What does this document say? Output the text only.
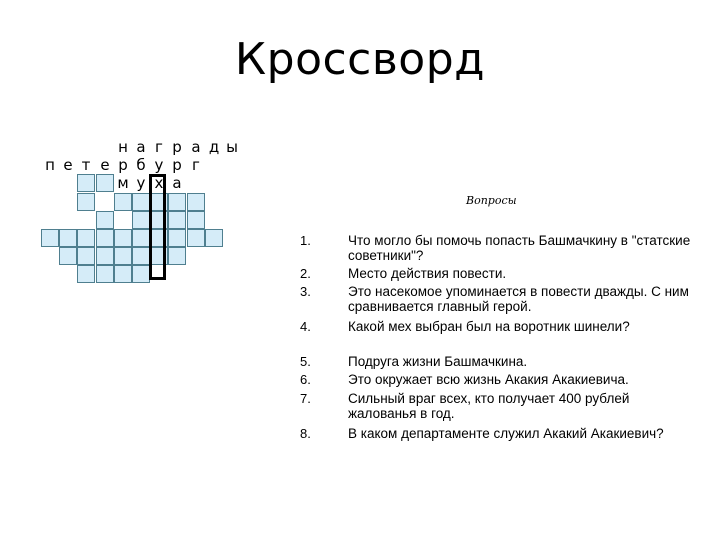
Кроссворд
н а г р а д ы
п е т е р б у р г
м у х а
Вопросы
1.	Что могло бы помочь попасть Башмачкину в "статские советники"?
2.	Место действия повести.
3.	Это насекомое упоминается в повести дважды. С ним сравнивается главный герой.
4.	Какой мех выбран был на воротник шинели?
5.	Подруга жизни Башмачкина.
6.	Это окружает всю жизнь Акакия Акакиевича.
7.	Сильный враг всех, кто получает 400 рублей жалованья в год.
8.	В каком департаменте служил Акакий Акакиевич?
